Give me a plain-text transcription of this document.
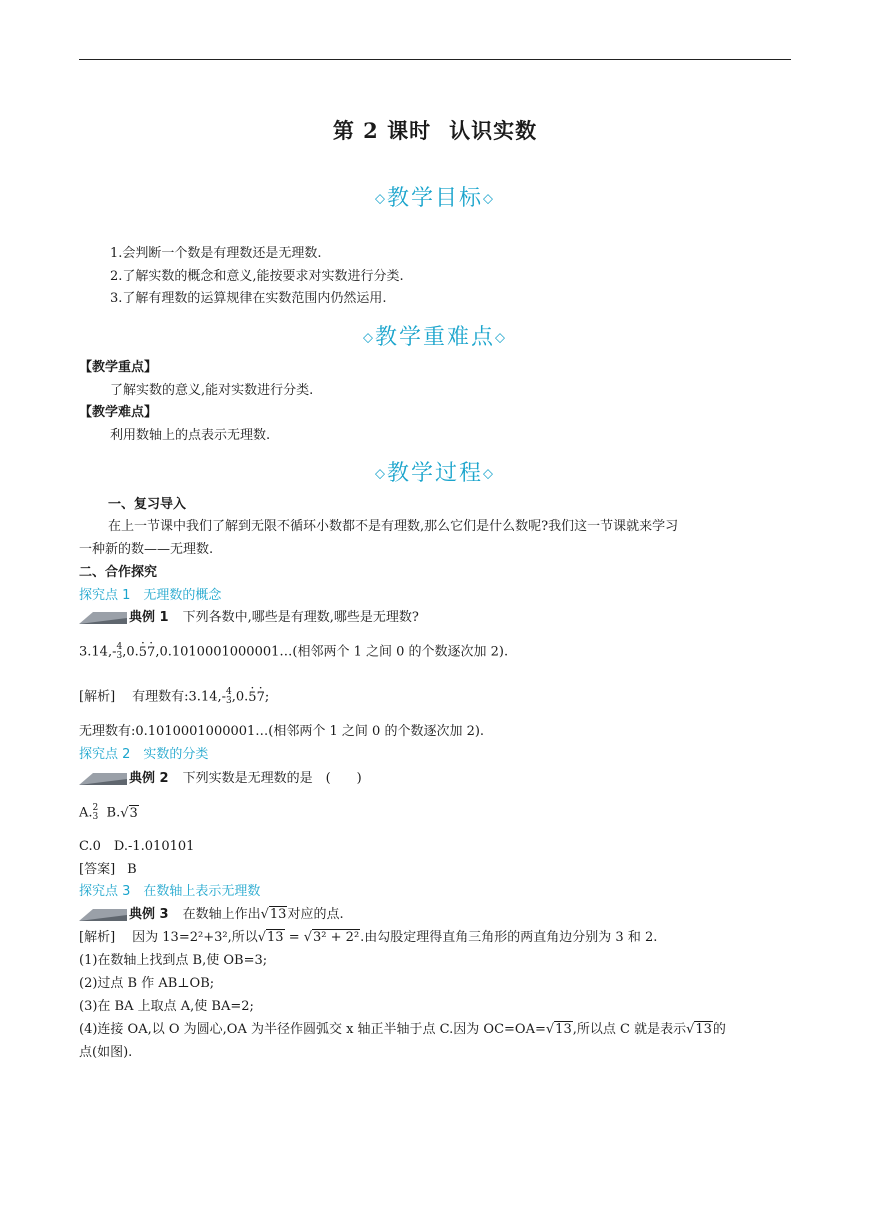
第 2 课时 认识实数
◇教学目标◇
1.会判断一个数是有理数还是无理数.
2.了解实数的概念和意义,能按要求对实数进行分类.
3.了解有理数的运算规律在实数范围内仍然运用.
◇教学重难点◇
【教学重点】
了解实数的意义,能对实数进行分类.
【教学难点】
利用数轴上的点表示无理数.
◇教学过程◇
一、复习导入
在上一节课中我们了解到无限不循环小数都不是有理数,那么它们是什么数呢?我们这一节课就来学习
一种新的数——无理数.
二、合作探究
探究点 1　无理数的概念
典例 1 下列各数中,哪些是有理数,哪些是无理数?
3.14,- 4
3 ,0.· 5· 7,0.1010001000001…(相邻两个 1 之间 0 的个数逐次加 2).
[解析] 有理数有:3.14,- 4
3 ,0.· 5· 7;
无理数有:0.1010001000001…(相邻两个 1 之间 0 的个数逐次加 2).
探究点 2　实数的分类
典例 2 下列实数是无理数的是　(　　)
A. 2
3 B.√3
C.0　D.-1.010101
[答案] B
探究点 3　在数轴上表示无理数
典例 3 在数轴上作出√13对应的点.
[解析] 因为 13=2²+3²,所以√13 = √3² + 2².由勾股定理得直角三角形的两直角边分别为 3 和 2.
(1)在数轴上找到点 B,使 OB=3;
(2)过点 B 作 AB⊥OB;
(3)在 BA 上取点 A,使 BA=2;
(4)连接 OA,以 O 为圆心,OA 为半径作圆弧交 x 轴正半轴于点 C.因为 OC=OA=√13,所以点 C 就是表示√13的
点(如图).
